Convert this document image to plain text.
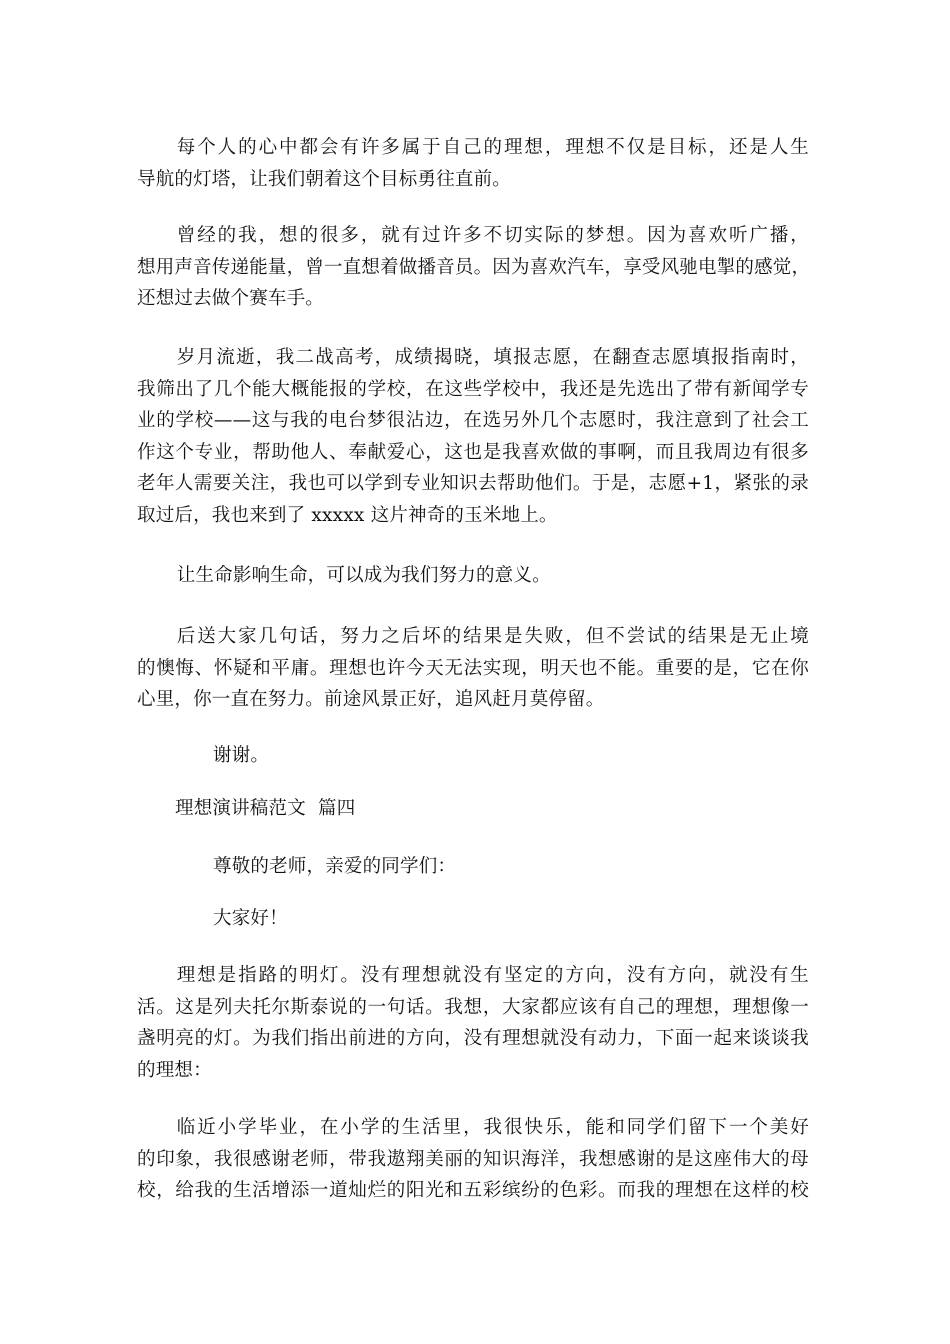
每个人的心中都会有许多属于自己的理想，理想不仅是目标，还是人生
导航的灯塔，让我们朝着这个目标勇往直前。
曾经的我，想的很多，就有过许多不切实际的梦想。因为喜欢听广播，
想用声音传递能量，曾一直想着做播音员。因为喜欢汽车，享受风驰电掣的感觉，
还想过去做个赛车手。
岁月流逝，我二战高考，成绩揭晓，填报志愿，在翻查志愿填报指南时，
我筛出了几个能大概能报的学校，在这些学校中，我还是先选出了带有新闻学专
业的学校——这与我的电台梦很沾边，在选另外几个志愿时，我注意到了社会工
作这个专业，帮助他人、奉献爱心，这也是我喜欢做的事啊，而且我周边有很多
老年人需要关注，我也可以学到专业知识去帮助他们。于是，志愿+1，紧张的录
取过后，我也来到了 xxxxx 这片神奇的玉米地上。
让生命影响生命，可以成为我们努力的意义。
后送大家几句话，努力之后坏的结果是失败，但不尝试的结果是无止境
的懊悔、怀疑和平庸。理想也许今天无法实现，明天也不能。重要的是，它在你
心里，你一直在努力。前途风景正好，追风赶月莫停留。

谢谢。

理想演讲稿范文  篇四

尊敬的老师，亲爱的同学们：

大家好！

理想是指路的明灯。没有理想就没有坚定的方向，没有方向，就没有生
活。这是列夫托尔斯泰说的一句话。我想，大家都应该有自己的理想，理想像一
盏明亮的灯。为我们指出前进的方向，没有理想就没有动力，下面一起来谈谈我
的理想：
临近小学毕业，在小学的生活里，我很快乐，能和同学们留下一个美好
的印象，我很感谢老师，带我遨翔美丽的知识海洋，我想感谢的是这座伟大的母
校，给我的生活增添一道灿烂的阳光和五彩缤纷的色彩。而我的理想在这样的校
